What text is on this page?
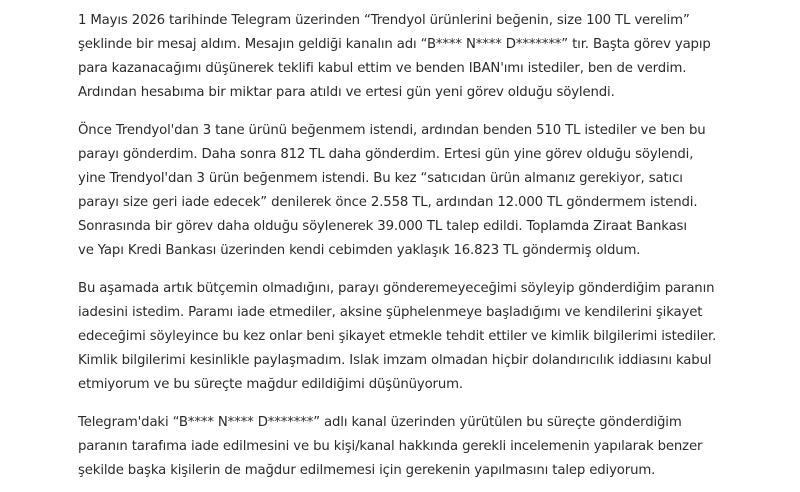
1 Mayıs 2026 tarihinde Telegram üzerinden “Trendyol ürünlerini beğenin, size 100 TL verelim”
şeklinde bir mesaj aldım. Mesajın geldiği kanalın adı “B**** N**** D*******” tır. Başta görev yapıp
para kazanacağımı düşünerek teklifi kabul ettim ve benden IBAN'ımı istediler, ben de verdim.
Ardından hesabıma bir miktar para atıldı ve ertesi gün yeni görev olduğu söylendi.
Önce Trendyol'dan 3 tane ürünü beğenmem istendi, ardından benden 510 TL istediler ve ben bu
parayı gönderdim. Daha sonra 812 TL daha gönderdim. Ertesi gün yine görev olduğu söylendi,
yine Trendyol'dan 3 ürün beğenmem istendi. Bu kez “satıcıdan ürün almanız gerekiyor, satıcı
parayı size geri iade edecek” denilerek önce 2.558 TL, ardından 12.000 TL göndermem istendi.
Sonrasında bir görev daha olduğu söylenerek 39.000 TL talep edildi. Toplamda Ziraat Bankası
ve Yapı Kredi Bankası üzerinden kendi cebimden yaklaşık 16.823 TL göndermiş oldum.
Bu aşamada artık bütçemin olmadığını, parayı gönderemeyeceğimi söyleyip gönderdiğim paranın
iadesini istedim. Paramı iade etmediler, aksine şüphelenmeye başladığımı ve kendilerini şikayet
edeceğimi söyleyince bu kez onlar beni şikayet etmekle tehdit ettiler ve kimlik bilgilerimi istediler.
Kimlik bilgilerimi kesinlikle paylaşmadım. Islak imzam olmadan hiçbir dolandırıcılık iddiasını kabul
etmiyorum ve bu süreçte mağdur edildiğimi düşünüyorum.
Telegram'daki “B**** N**** D*******” adlı kanal üzerinden yürütülen bu süreçte gönderdiğim
paranın tarafıma iade edilmesini ve bu kişi/kanal hakkında gerekli incelemenin yapılarak benzer
şekilde başka kişilerin de mağdur edilmemesi için gerekenin yapılmasını talep ediyorum.
